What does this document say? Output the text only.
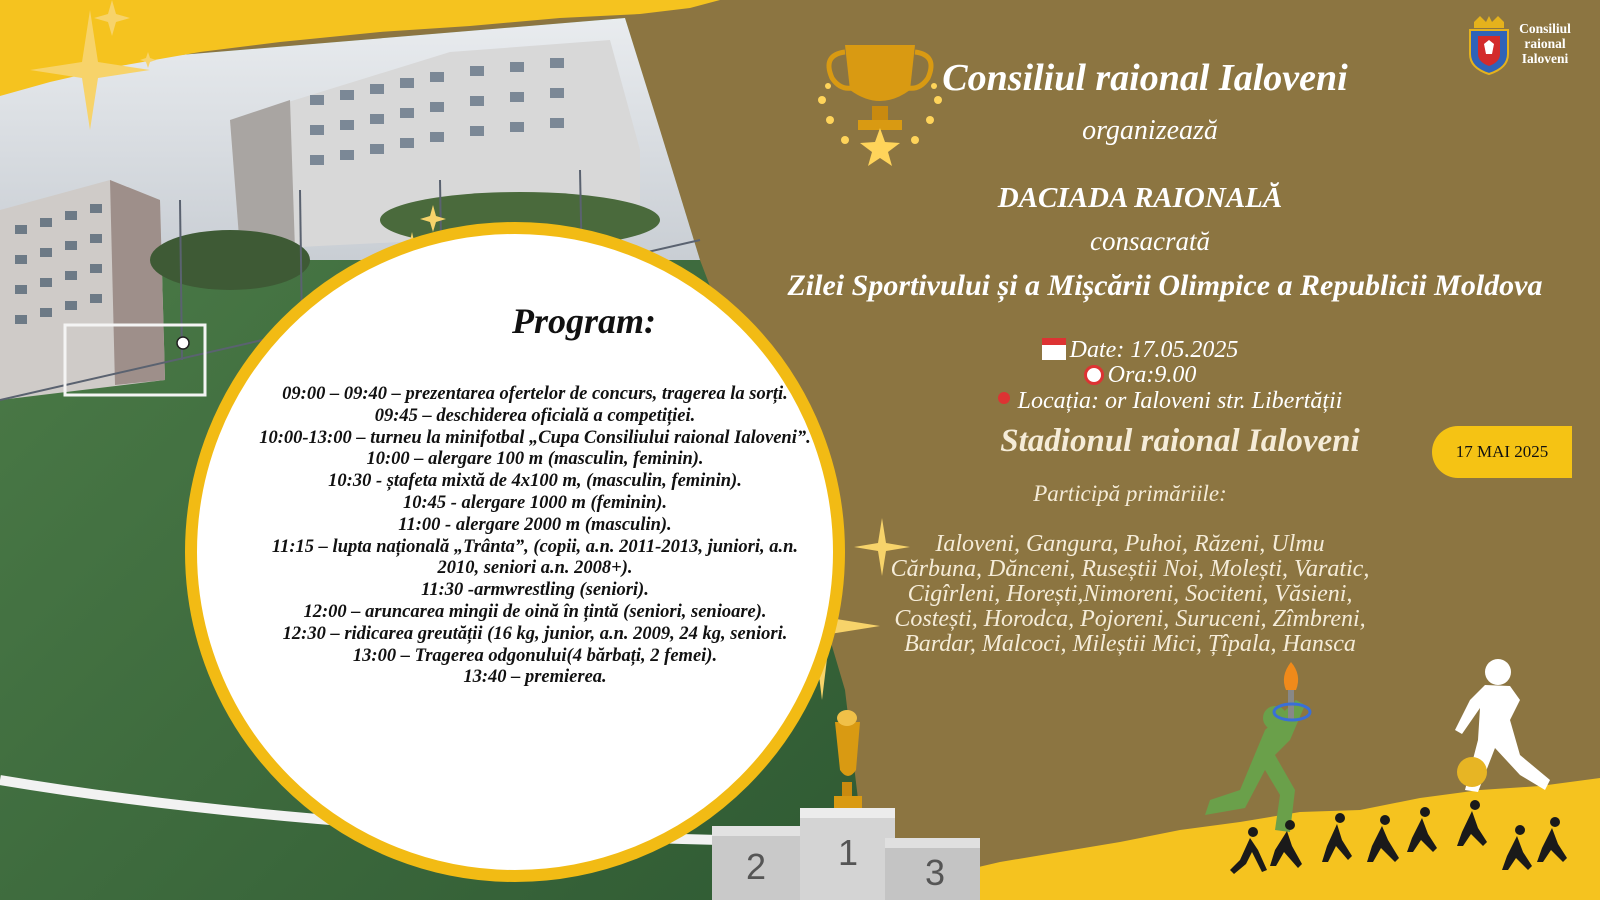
Program:
09:00 – 09:40 – prezentarea ofertelor de concurs, tragerea la sorți.
09:45 – deschiderea oficială a competiției.
10:00-13:00 – turneu la minifotbal „Cupa Consiliului raional Ialoveni”.
10:00 – alergare 100 m (masculin, feminin).
10:30 - ștafeta mixtă de 4x100 m, (masculin, feminin).
10:45 - alergare 1000 m (feminin).
11:00 - alergare 2000 m (masculin).
11:15 – lupta națională „Trânta”, (copii, a.n. 2011-2013, juniori, a.n. 2010, seniori a.n. 2008+).
11:30 -armwrestling (seniori).
12:00 – aruncarea mingii de oină în țintă (seniori, senioare).
12:30 – ridicarea greutății (16 kg, junior, a.n. 2009, 24 kg, seniori.
13:00 – Tragerea odgonului(4 bărbați, 2 femei).
13:40 – premierea.
2 1 3
Consiliul raional Ialoveni
organizează
DACIADA RAIONALĂ
consacrată
Zilei Sportivului și a Mișcării Olimpice a Republicii Moldova
Date: 17.05.2025
Ora:9.00
Locația: or Ialoveni str. Libertății
Stadionul raional Ialoveni
Participă primăriile:
Ialoveni, Gangura, Puhoi, Răzeni, Ulmu
Cărbuna, Dănceni, Ruseștii Noi, Molești, Varatic,
Cigîrleni, Horești,Nimoreni, Sociteni, Văsieni,
Costești, Horodca, Pojoreni, Suruceni, Zîmbreni,
Bardar, Malcoci, Mileștii Mici, Țîpala, Hansca
17 MAI 2025
Consiliul
raional
Ialoveni
